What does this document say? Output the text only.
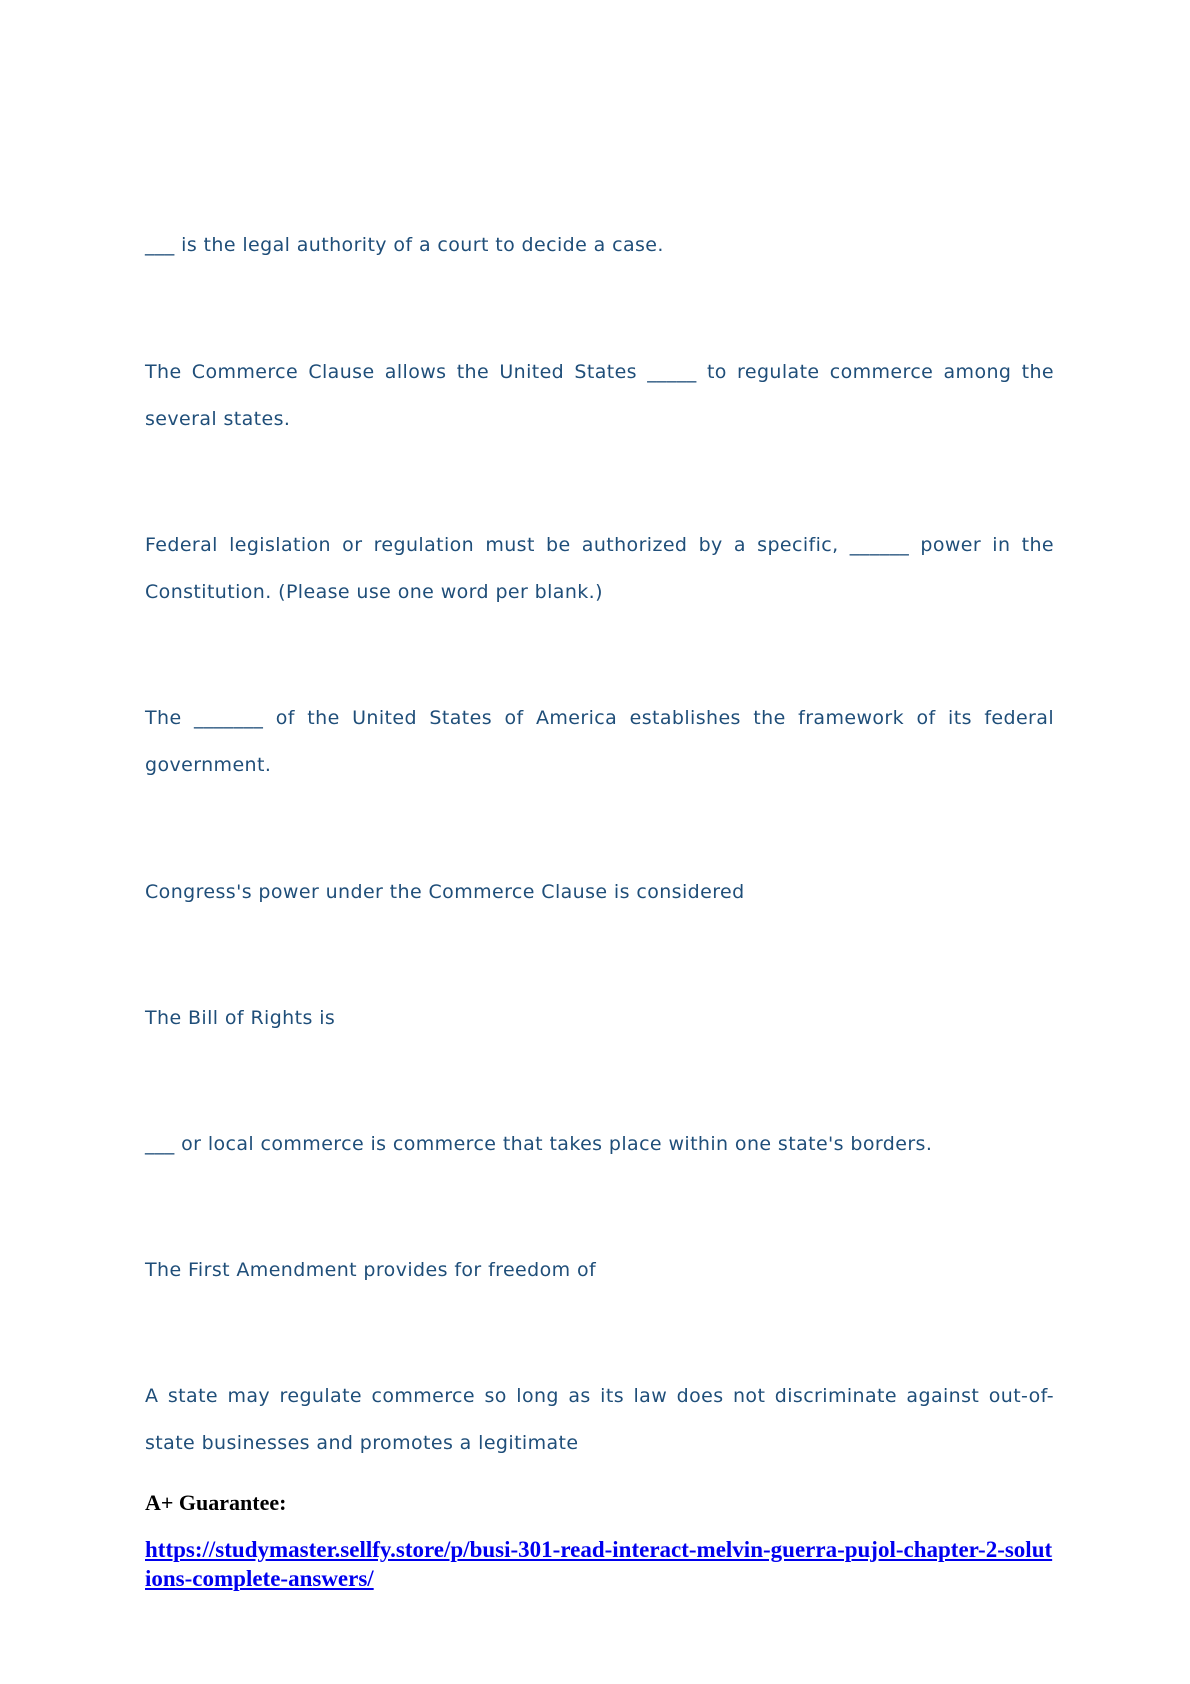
___ is the legal authority of a court to decide a case.

The Commerce Clause allows the United States _____ to regulate commerce among the several states.

Federal legislation or regulation must be authorized by a specific, ______ power in the Constitution. (Please use one word per blank.)

The _______ of the United States of America establishes the framework of its federal government.

Congress's power under the Commerce Clause is considered

The Bill of Rights is

___ or local commerce is commerce that takes place within one state's borders.

The First Amendment provides for freedom of

A state may regulate commerce so long as its law does not discriminate against out-of-state businesses and promotes a legitimate

A+ Guarantee:

https://studymaster.sellfy.store/p/busi-301-read-interact-melvin-guerra-pujol-chapter-2-solutions-complete-answers/
